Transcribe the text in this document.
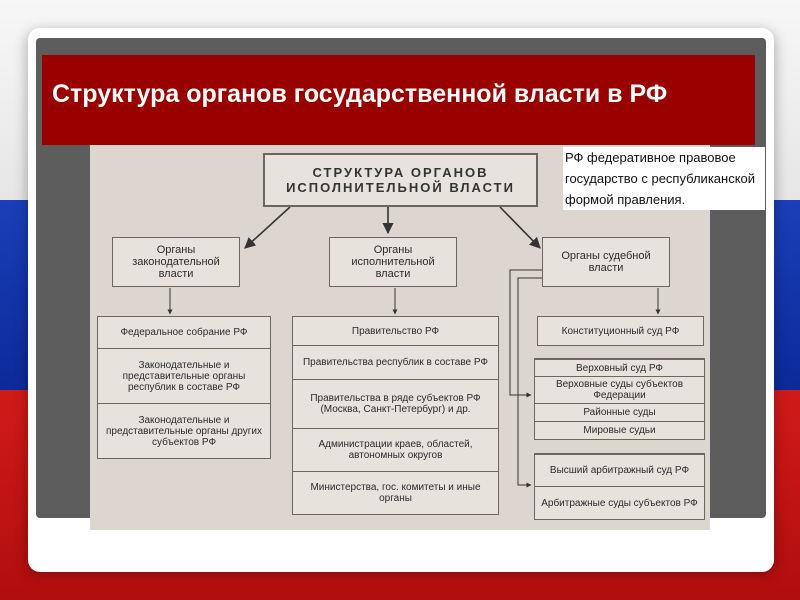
Структура органов государственной власти в РФ
СТРУКТУРА ОРГАНОВ ИСПОЛНИТЕЛЬНОЙ ВЛАСТИ
Органы законодательной власти
Органы исполнительной власти
Органы судебной власти
Федеральное собрание РФ
Законодательные и представительные органы республик в составе РФ
Законодательные и представительные органы других субъектов РФ
Правительство РФ
Правительства республик в составе РФ
Правительства в ряде субъектов РФ (Москва, Санкт-Петербург) и др.
Администрации краев, областей, автономных округов
Министерства, гос. комитеты и иные органы
Конституционный суд РФ
Верховный суд РФ
Верховные суды субъектов Федерации
Районные суды
Мировые судьи
Высший арбитражный суд РФ
Арбитражные суды субъектов РФ

РФ федеративное правовое государство с республиканской формой правления.
